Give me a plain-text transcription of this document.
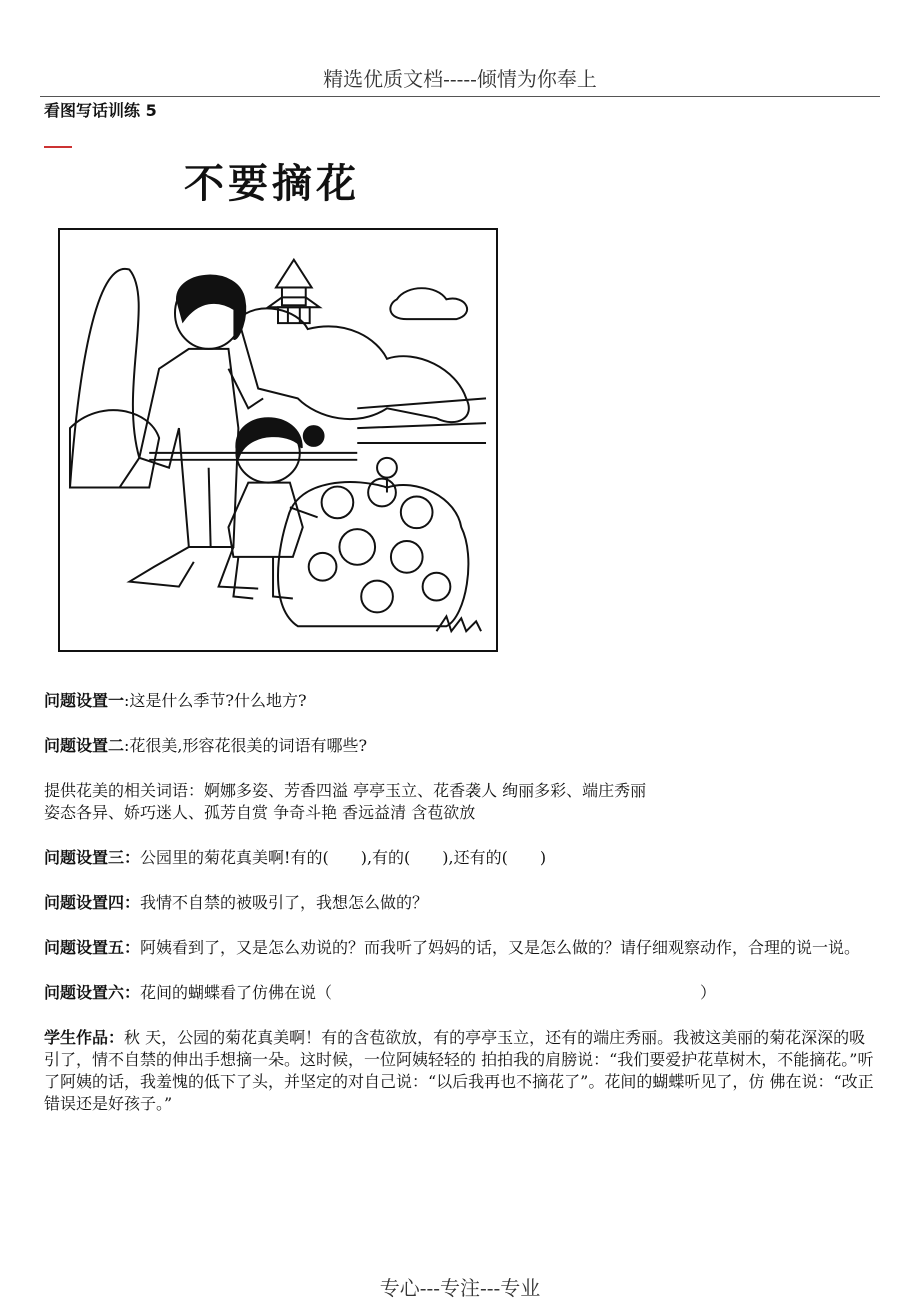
精选优质文档-----倾情为你奉上
看图写话训练 5
不要摘花

问题设置一:这是什么季节?什么地方?

问题设置二:花很美,形容花很美的词语有哪些?

提供花美的相关词语：婀娜多姿、芳香四溢 亭亭玉立、花香袭人 绚丽多彩、端庄秀丽
姿态各异、娇巧迷人、孤芳自赏 争奇斗艳 香远益清 含苞欲放

问题设置三：公园里的菊花真美啊!有的(　　),有的(　　),还有的(　　)

问题设置四：我情不自禁的被吸引了，我想怎么做的？

问题设置五：阿姨看到了，又是怎么劝说的？而我听了妈妈的话，又是怎么做的？请仔细观察动作，合理的说一说。

问题设置六：花间的蝴蝶看了仿佛在说（　　　　　　　　　　　　　　　　　　　　　　　）

学生作品：秋 天，公园的菊花真美啊！有的含苞欲放，有的亭亭玉立，还有的端庄秀丽。我被这美丽的菊花深深的吸引了，情不自禁的伸出手想摘一朵。这时候，一位阿姨轻轻的 拍拍我的肩膀说：“我们要爱护花草树木，不能摘花。”听了阿姨的话，我羞愧的低下了头，并坚定的对自己说：“以后我再也不摘花了”。花间的蝴蝶听见了，仿 佛在说：“改正错误还是好孩子。”

专心---专注---专业
